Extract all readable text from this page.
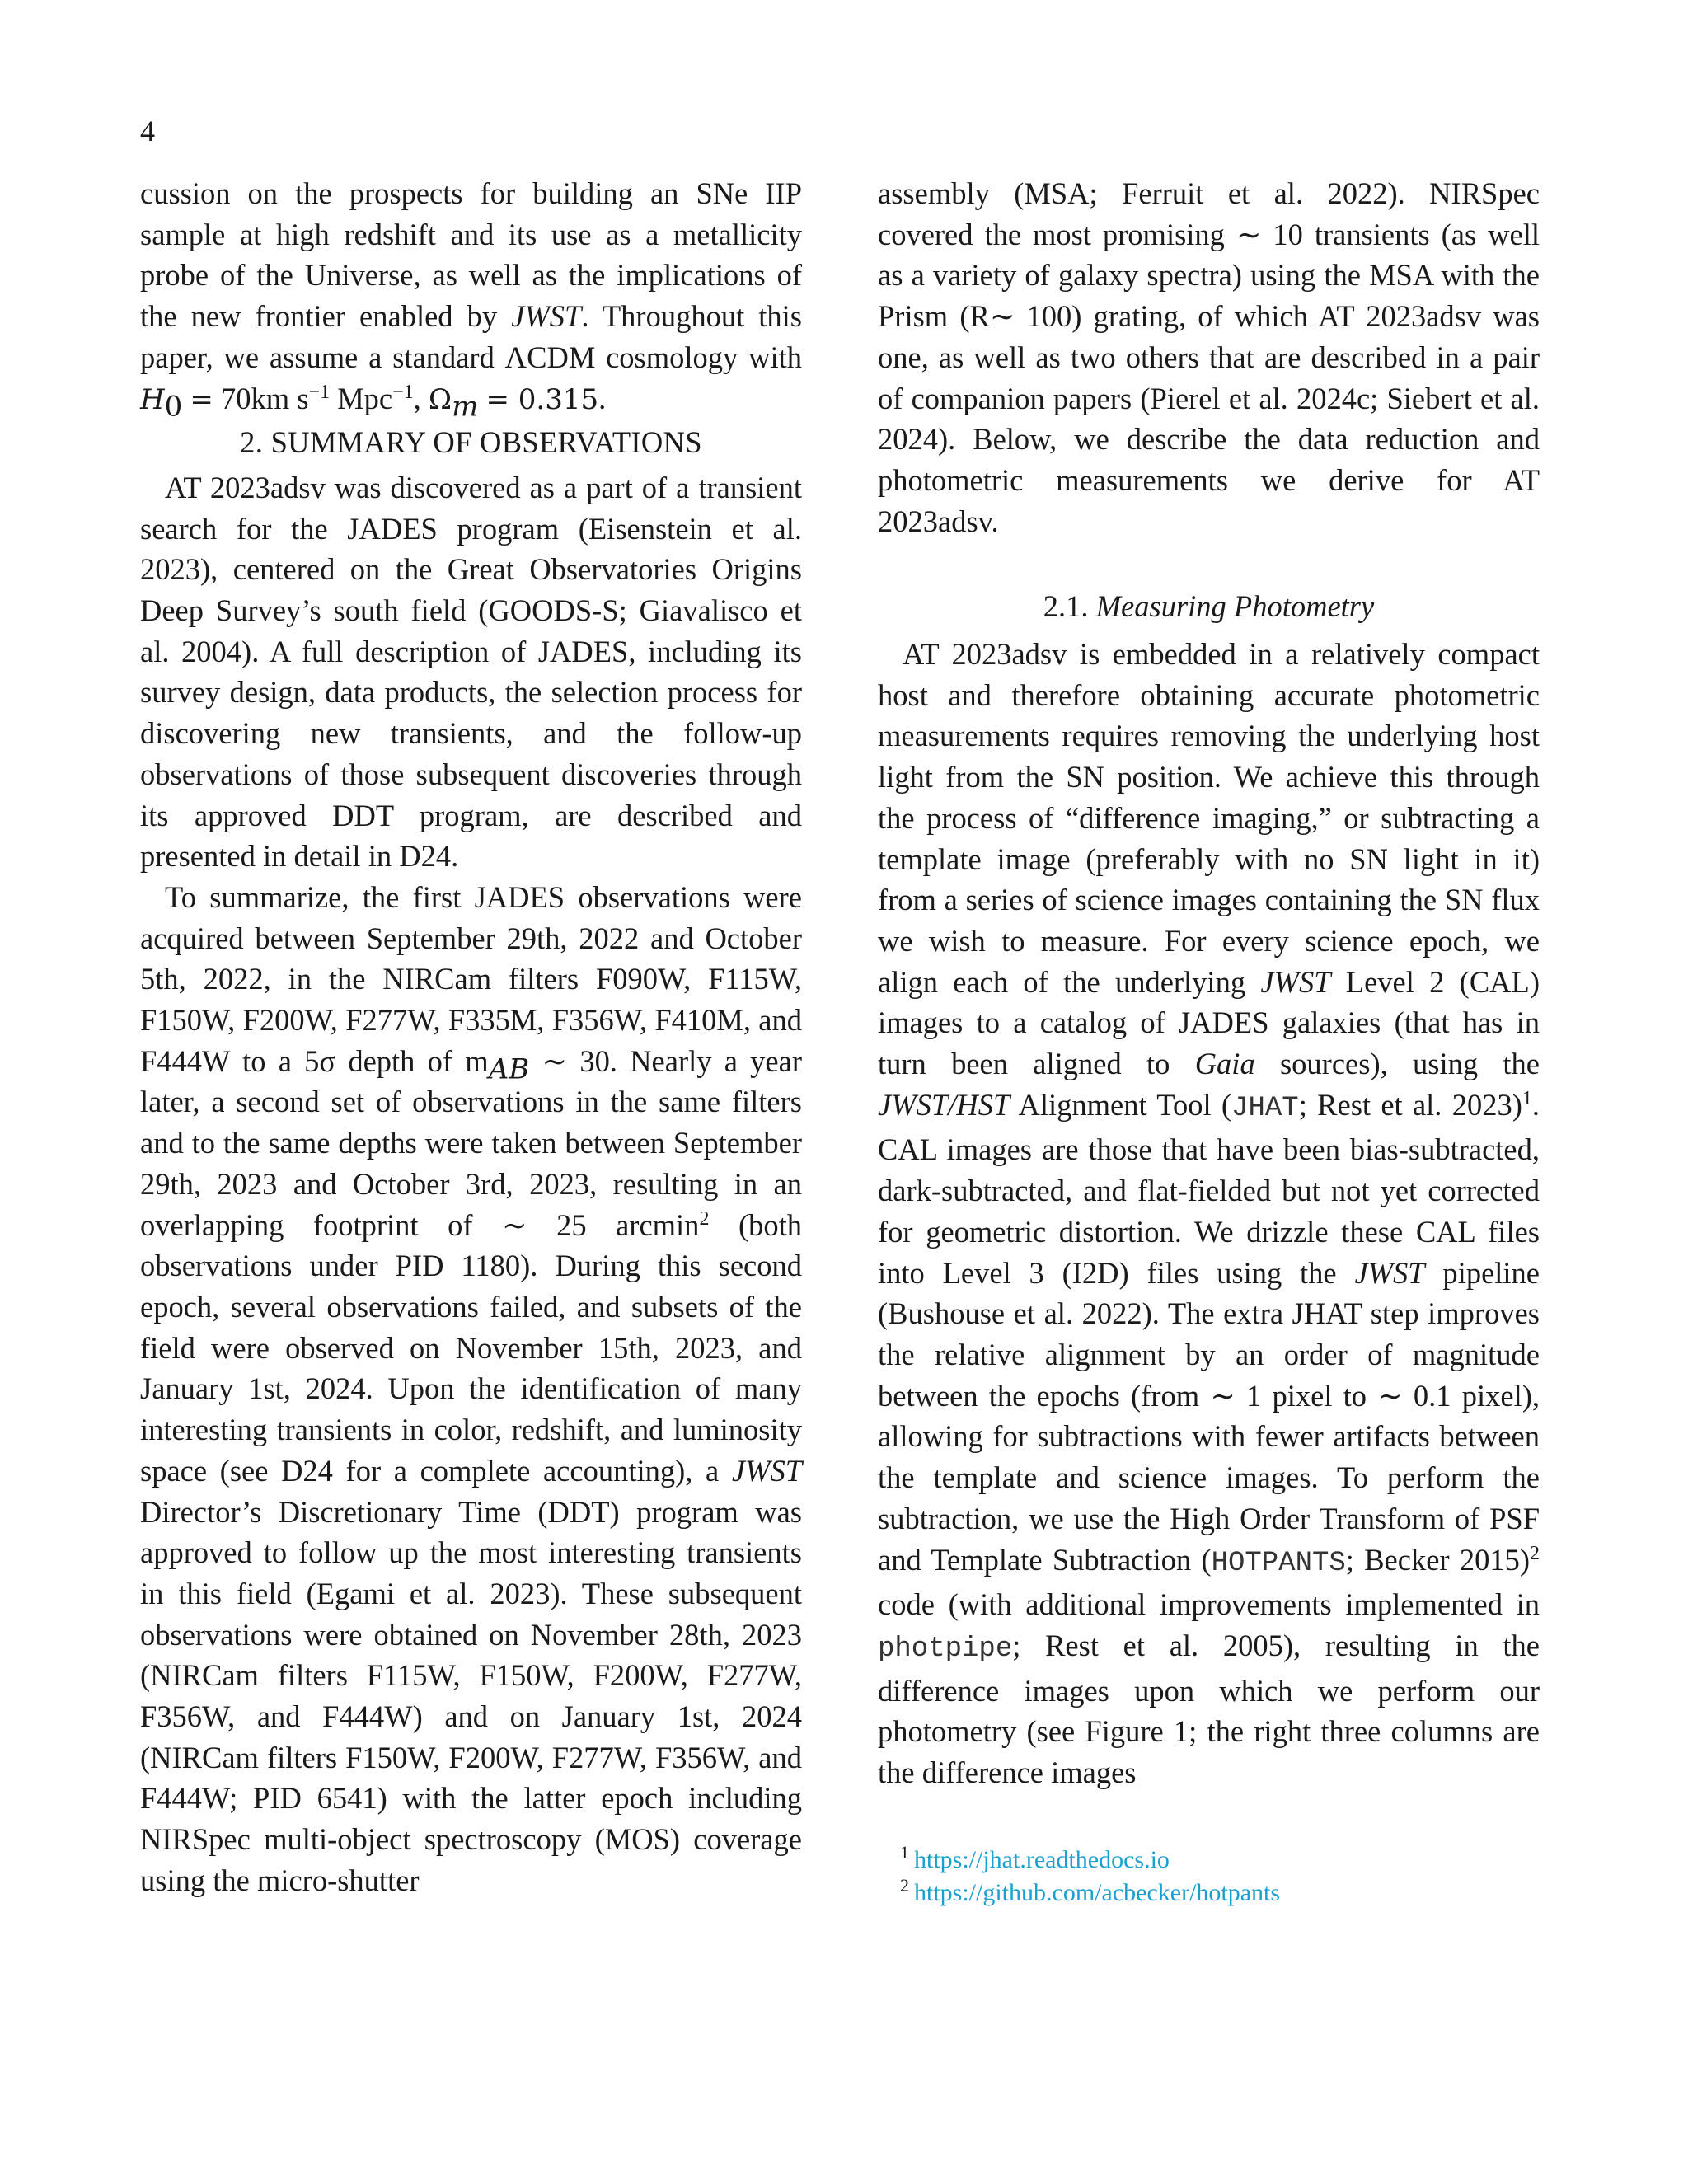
4

cussion on the prospects for building an SNe IIP sample at high redshift and its use as a metallicity probe of the Universe, as well as the implications of the new frontier enabled by JWST. Throughout this paper, we assume a standard ΛCDM cosmology with $H_0 = 70km$ $s^{-1}$ Mpc$^{-1}$, $\Omega_m = 0.315$.

2. SUMMARY OF OBSERVATIONS

AT 2023adsv was discovered as a part of a transient search for the JADES program (Eisenstein et al. 2023), centered on the Great Observatories Origins Deep Survey’s south field (GOODS-S; Giavalisco et al. 2004). A full description of JADES, including its survey design, data products, the selection process for discovering new transients, and the follow-up observations of those subsequent discoveries through its approved DDT program, are described and presented in detail in D24.

To summarize, the first JADES observations were acquired between September 29th, 2022 and October 5th, 2022, in the NIRCam filters F090W, F115W, F150W, F200W, F277W, F335M, F356W, F410M, and F444W to a 5σ depth of $m_{AB}$ ∼ 30. Nearly a year later, a second set of observations in the same filters and to the same depths were taken between September 29th, 2023 and October 3rd, 2023, resulting in an overlapping footprint of ∼ 25 arcmin$^2$ (both observations under PID 1180). During this second epoch, several observations failed, and subsets of the field were observed on November 15th, 2023, and January 1st, 2024. Upon the identification of many interesting transients in color, redshift, and luminosity space (see D24 for a complete accounting), a JWST Director’s Discretionary Time (DDT) program was approved to follow up the most interesting transients in this field (Egami et al. 2023). These subsequent observations were obtained on November 28th, 2023 (NIRCam filters F115W, F150W, F200W, F277W, F356W, and F444W) and on January 1st, 2024 (NIRCam filters F150W, F200W, F277W, F356W, and F444W; PID 6541) with the latter epoch including NIRSpec multi-object spectroscopy (MOS) coverage using the micro-shutter

assembly (MSA; Ferruit et al. 2022). NIRSpec covered the most promising ∼ 10 transients (as well as a variety of galaxy spectra) using the MSA with the Prism (R∼ 100) grating, of which AT 2023adsv was one, as well as two others that are described in a pair of companion papers (Pierel et al. 2024c; Siebert et al. 2024). Below, we describe the data reduction and photometric measurements we derive for AT 2023adsv.

2.1. Measuring Photometry

AT 2023adsv is embedded in a relatively compact host and therefore obtaining accurate photometric measurements requires removing the underlying host light from the SN position. We achieve this through the process of “difference imaging,” or subtracting a template image (preferably with no SN light in it) from a series of science images containing the SN flux we wish to measure. For every science epoch, we align each of the underlying JWST Level 2 (CAL) images to a catalog of JADES galaxies (that has in turn been aligned to Gaia sources), using the JWST/HST Alignment Tool (JHAT; Rest et al. 2023)$^1$. CAL images are those that have been bias-subtracted, dark-subtracted, and flat-fielded but not yet corrected for geometric distortion. We drizzle these CAL files into Level 3 (I2D) files using the JWST pipeline (Bushouse et al. 2022). The extra JHAT step improves the relative alignment by an order of magnitude between the epochs (from ∼ 1 pixel to ∼ 0.1 pixel), allowing for subtractions with fewer artifacts between the template and science images. To perform the subtraction, we use the High Order Transform of PSF and Template Subtraction (HOTPANTS; Becker 2015)$^2$ code (with additional improvements implemented in photpipe; Rest et al. 2005), resulting in the difference images upon which we perform our photometry (see Figure 1; the right three columns are the difference images

$^1$ https://jhat.readthedocs.io
$^2$ https://github.com/acbecker/hotpants
